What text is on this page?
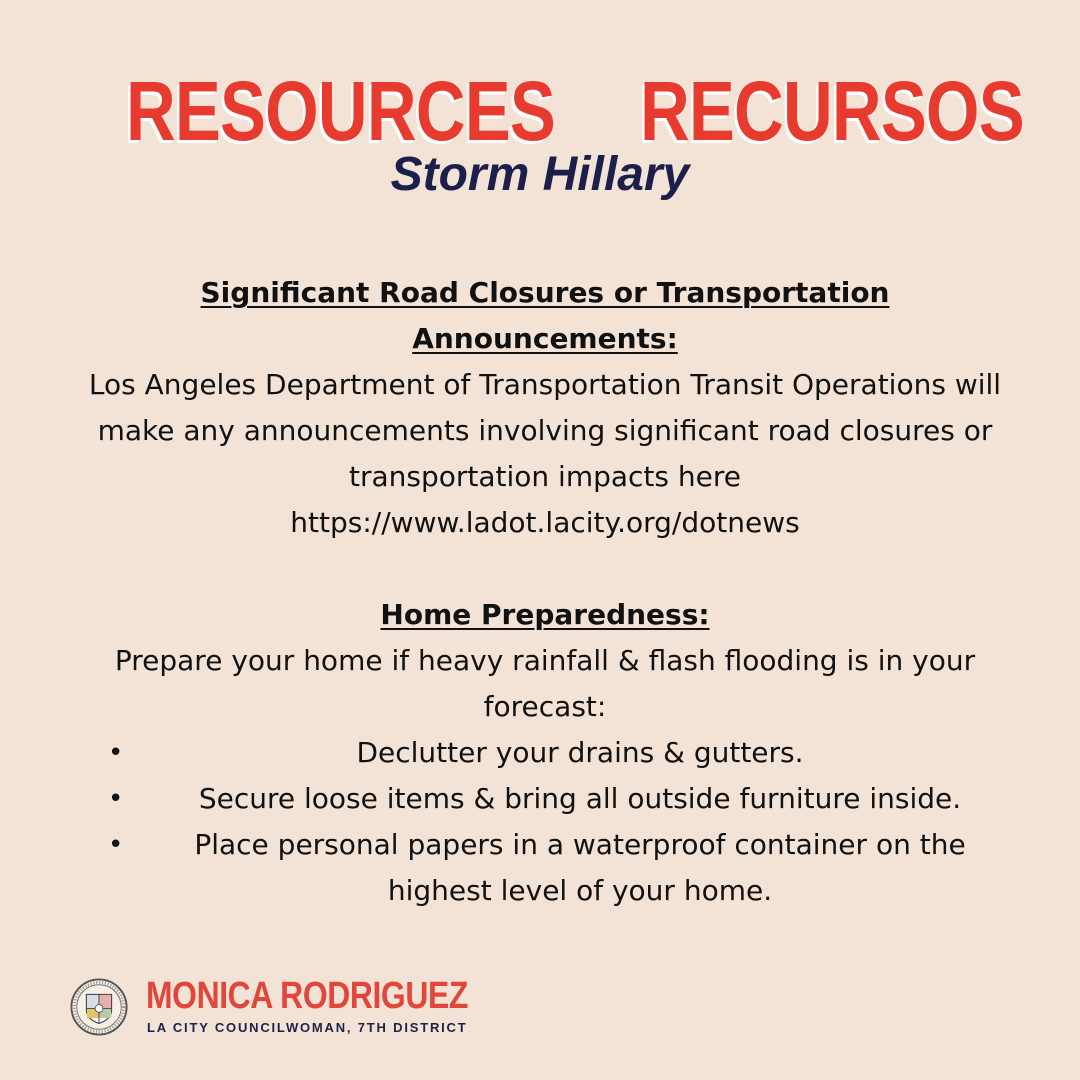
RESOURCES RECURSOS
Storm Hillary

Significant Road Closures or Transportation
Announcements:

Los Angeles Department of Transportation Transit Operations will make any announcements involving significant road closures or transportation impacts here

https://www.ladot.lacity.org/dotnews

Home Preparedness:

Prepare your home if heavy rainfall & flash flooding is in your forecast:

•	Declutter your drains & gutters.
•	Secure loose items & bring all outside furniture inside.
•	Place personal papers in a waterproof container on the highest level of your home.
MONICA RODRIGUEZ
LA CITY COUNCILWOMAN, 7TH DISTRICT
